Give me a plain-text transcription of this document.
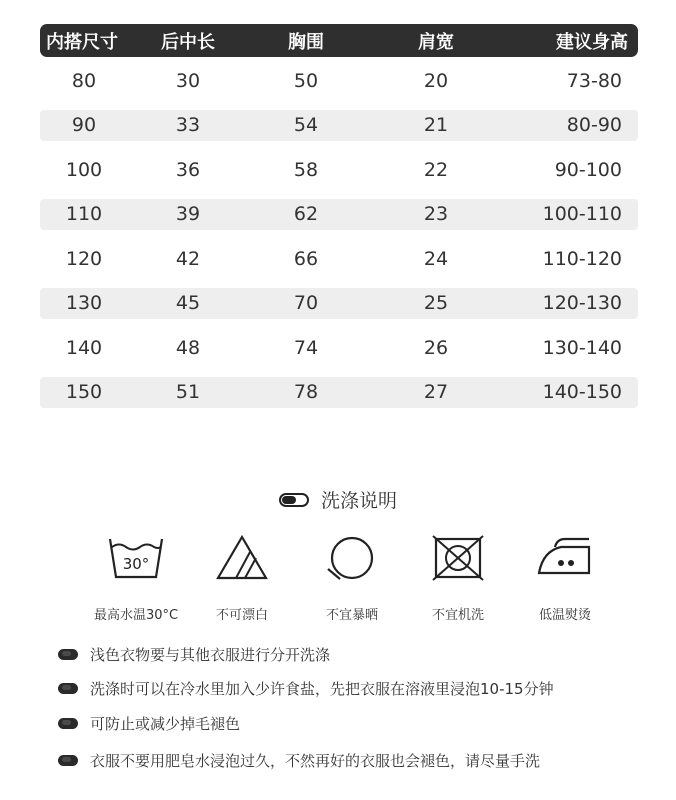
内搭尺寸	后中长	胸围	肩宽	建议身高
80	30	50	20	73-80
90	33	54	21	80-90
100	36	58	22	90-100
110	39	62	23	100-110
120	42	66	24	110-120
130	45	70	25	120-130
140	48	74	26	130-140
150	51	78	27	140-150
洗涤说明
30°
最高水温30°C	不可漂白	不宜暴晒	不宜机洗	低温熨烫
浅色衣物要与其他衣服进行分开洗涤
洗涤时可以在冷水里加入少许食盐，先把衣服在溶液里浸泡10-15分钟
可防止或减少掉毛褪色
衣服不要用肥皂水浸泡过久，不然再好的衣服也会褪色，请尽量手洗
